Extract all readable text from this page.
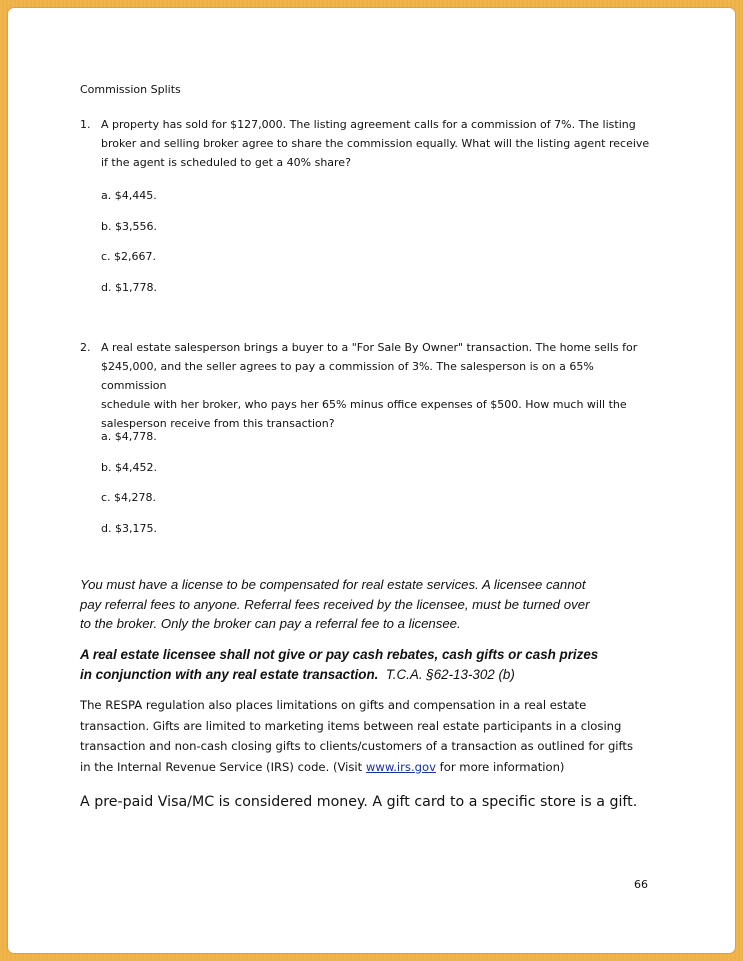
Commission Splits
1. A property has sold for $127,000. The listing agreement calls for a commission of 7%. The listing
broker and selling broker agree to share the commission equally. What will the listing agent receive
if the agent is scheduled to get a 40% share?
a. $4,445.
b. $3,556.
c. $2,667.
d. $1,778.
2. A real estate salesperson brings a buyer to a "For Sale By Owner" transaction. The home sells for
$245,000, and the seller agrees to pay a commission of 3%. The salesperson is on a 65% commission
schedule with her broker, who pays her 65% minus office expenses of $500. How much will the
salesperson receive from this transaction?
a. $4,778.
b. $4,452.
c. $4,278.
d. $3,175.
You must have a license to be compensated for real estate services. A licensee cannot
pay referral fees to anyone. Referral fees received by the licensee, must be turned over
to the broker. Only the broker can pay a referral fee to a licensee.
A real estate licensee shall not give or pay cash rebates, cash gifts or cash prizes
in conjunction with any real estate transaction. T.C.A. §62-13-302 (b)
The RESPA regulation also places limitations on gifts and compensation in a real estate
transaction. Gifts are limited to marketing items between real estate participants in a closing
transaction and non-cash closing gifts to clients/customers of a transaction as outlined for gifts
in the Internal Revenue Service (IRS) code. (Visit www.irs.gov for more information)
A pre-paid Visa/MC is considered money. A gift card to a specific store is a gift.
66
